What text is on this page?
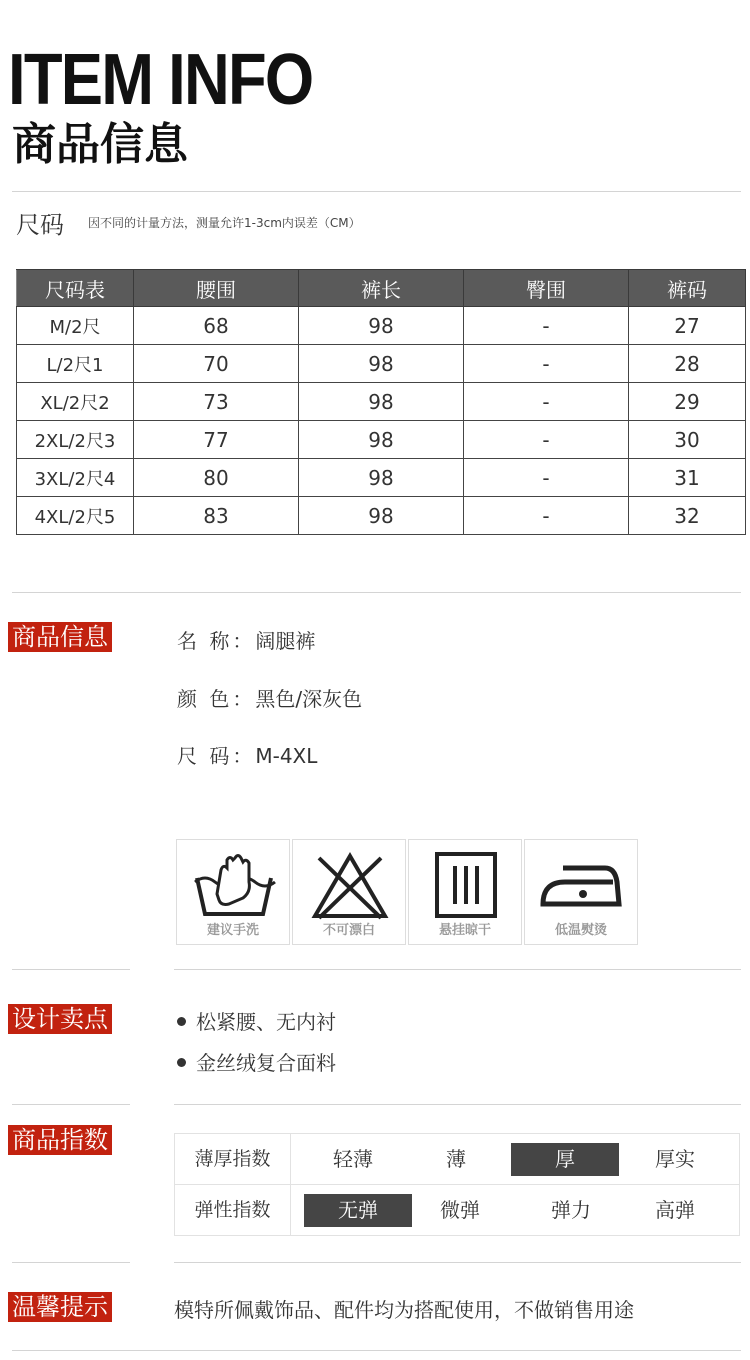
ITEM INFO
商品信息
尺码 因不同的计量方法，测量允许1-3cm内误差（CM）
尺码表	腰围	裤长	臀围	裤码
M/2尺	68	98	-	27
L/2尺1	70	98	-	28
XL/2尺2	73	98	-	29
2XL/2尺3	77	98	-	30
3XL/2尺4	80	98	-	31
4XL/2尺5	83	98	-	32
商品信息	名 称：阔腿裤
颜 色：黑色/深灰色
尺 码：M-4XL
建议手洗	不可漂白	悬挂晾干	低温熨烫
设计卖点	松紧腰、无内衬
金丝绒复合面料
商品指数
薄厚指数	轻薄	薄	厚	厚实
弹性指数	无弹	微弹	弹力	高弹
温馨提示	模特所佩戴饰品、配件均为搭配使用，不做销售用途
